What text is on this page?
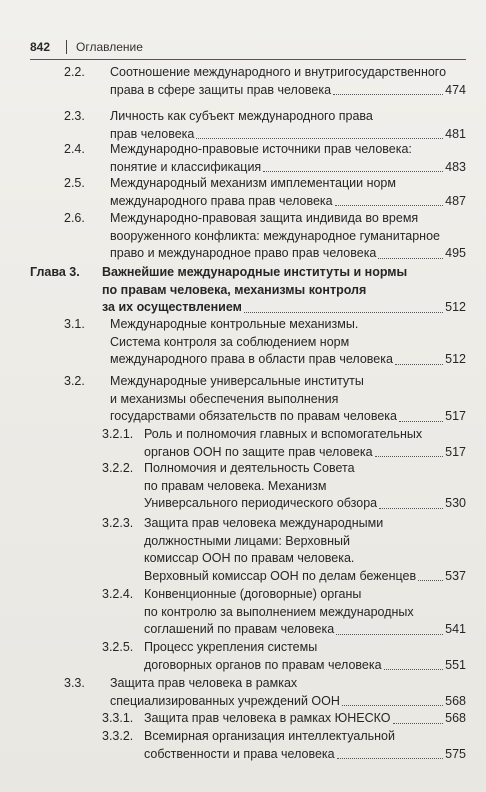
842 Оглавление
2.2. Соотношение международного и внутригосударственного
права в сфере защиты прав человека	474
2.3. Личность как субъект международного права
прав человека	481
2.4. Международно-правовые источники прав человека:
понятие и классификация	483
2.5. Международный механизм имплементации норм
международного права прав человека	487
2.6. Международно-правовая защита индивида во время
вооруженного конфликта: международное гуманитарное
право и международное право прав человека	495
Глава 3. Важнейшие международные институты и нормы
по правам человека, механизмы контроля
за их осуществлением	512
3.1. Международные контрольные механизмы.
Система контроля за соблюдением норм
международного права в области прав человека	512
3.2. Международные универсальные институты
и механизмы обеспечения выполнения
государствами обязательств по правам человека	517
3.2.1. Роль и полномочия главных и вспомогательных
органов ООН по защите прав человека	517
3.2.2. Полномочия и деятельность Совета
по правам человека. Механизм
Универсального периодического обзора	530
3.2.3. Защита прав человека международными
должностными лицами: Верховный
комиссар ООН по правам человека.
Верховный комиссар ООН по делам беженцев 537
3.2.4. Конвенционные (договорные) органы
по контролю за выполнением международных
соглашений по правам человека	541
3.2.5. Процесс укрепления системы
договорных органов по правам человека	551
3.3. Защита прав человека в рамках
специализированных учреждений ООН	568
3.3.1. Защита прав человека в рамках ЮНЕСКО	568
3.3.2. Всемирная организация интеллектуальной
собственности и права человека	575
